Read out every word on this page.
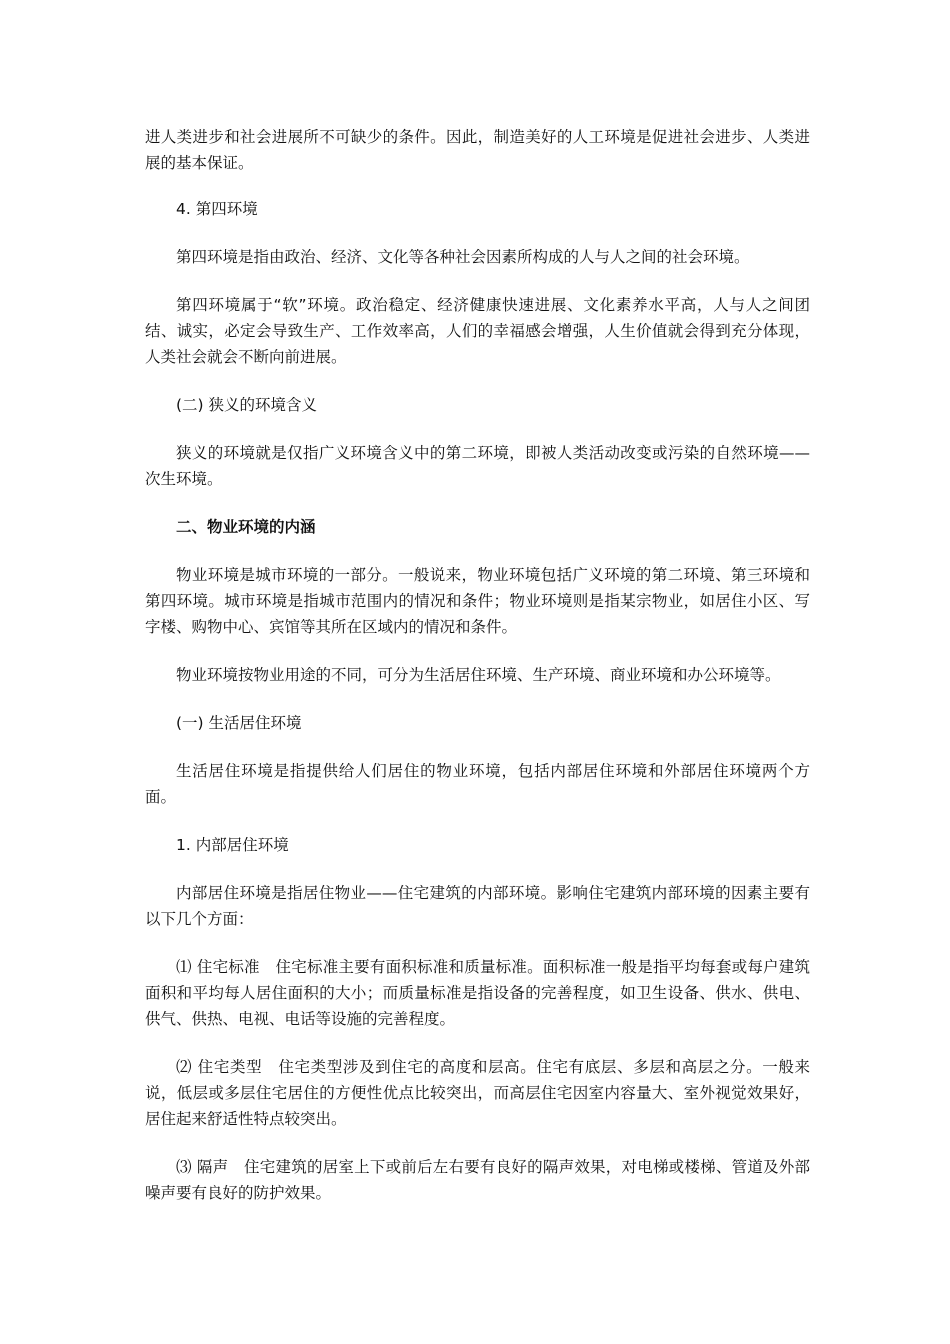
进人类进步和社会进展所不可缺少的条件。因此，制造美好的人工环境是促进社会进步、人类进展的基本保证。

4. 第四环境

第四环境是指由政治、经济、文化等各种社会因素所构成的人与人之间的社会环境。

第四环境属于“软”环境。政治稳定、经济健康快速进展、文化素养水平高，人与人之间团结、诚实，必定会导致生产、工作效率高，人们的幸福感会增强，人生价值就会得到充分体现，人类社会就会不断向前进展。

(二) 狭义的环境含义

狭义的环境就是仅指广义环境含义中的第二环境，即被人类活动改变或污染的自然环境——次生环境。

二、物业环境的内涵

物业环境是城市环境的一部分。一般说来，物业环境包括广义环境的第二环境、第三环境和第四环境。城市环境是指城市范围内的情况和条件；物业环境则是指某宗物业，如居住小区、写字楼、购物中心、宾馆等其所在区域内的情况和条件。

物业环境按物业用途的不同，可分为生活居住环境、生产环境、商业环境和办公环境等。

(一) 生活居住环境

生活居住环境是指提供给人们居住的物业环境，包括内部居住环境和外部居住环境两个方面。

1. 内部居住环境

内部居住环境是指居住物业——住宅建筑的内部环境。影响住宅建筑内部环境的因素主要有以下几个方面：

⑴ 住宅标准　住宅标准主要有面积标准和质量标准。面积标准一般是指平均每套或每户建筑面积和平均每人居住面积的大小；而质量标准是指设备的完善程度，如卫生设备、供水、供电、供气、供热、电视、电话等设施的完善程度。

⑵ 住宅类型　住宅类型涉及到住宅的高度和层高。住宅有底层、多层和高层之分。一般来说，低层或多层住宅居住的方便性优点比较突出，而高层住宅因室内容量大、室外视觉效果好，居住起来舒适性特点较突出。

⑶ 隔声　住宅建筑的居室上下或前后左右要有良好的隔声效果，对电梯或楼梯、管道及外部噪声要有良好的防护效果。
